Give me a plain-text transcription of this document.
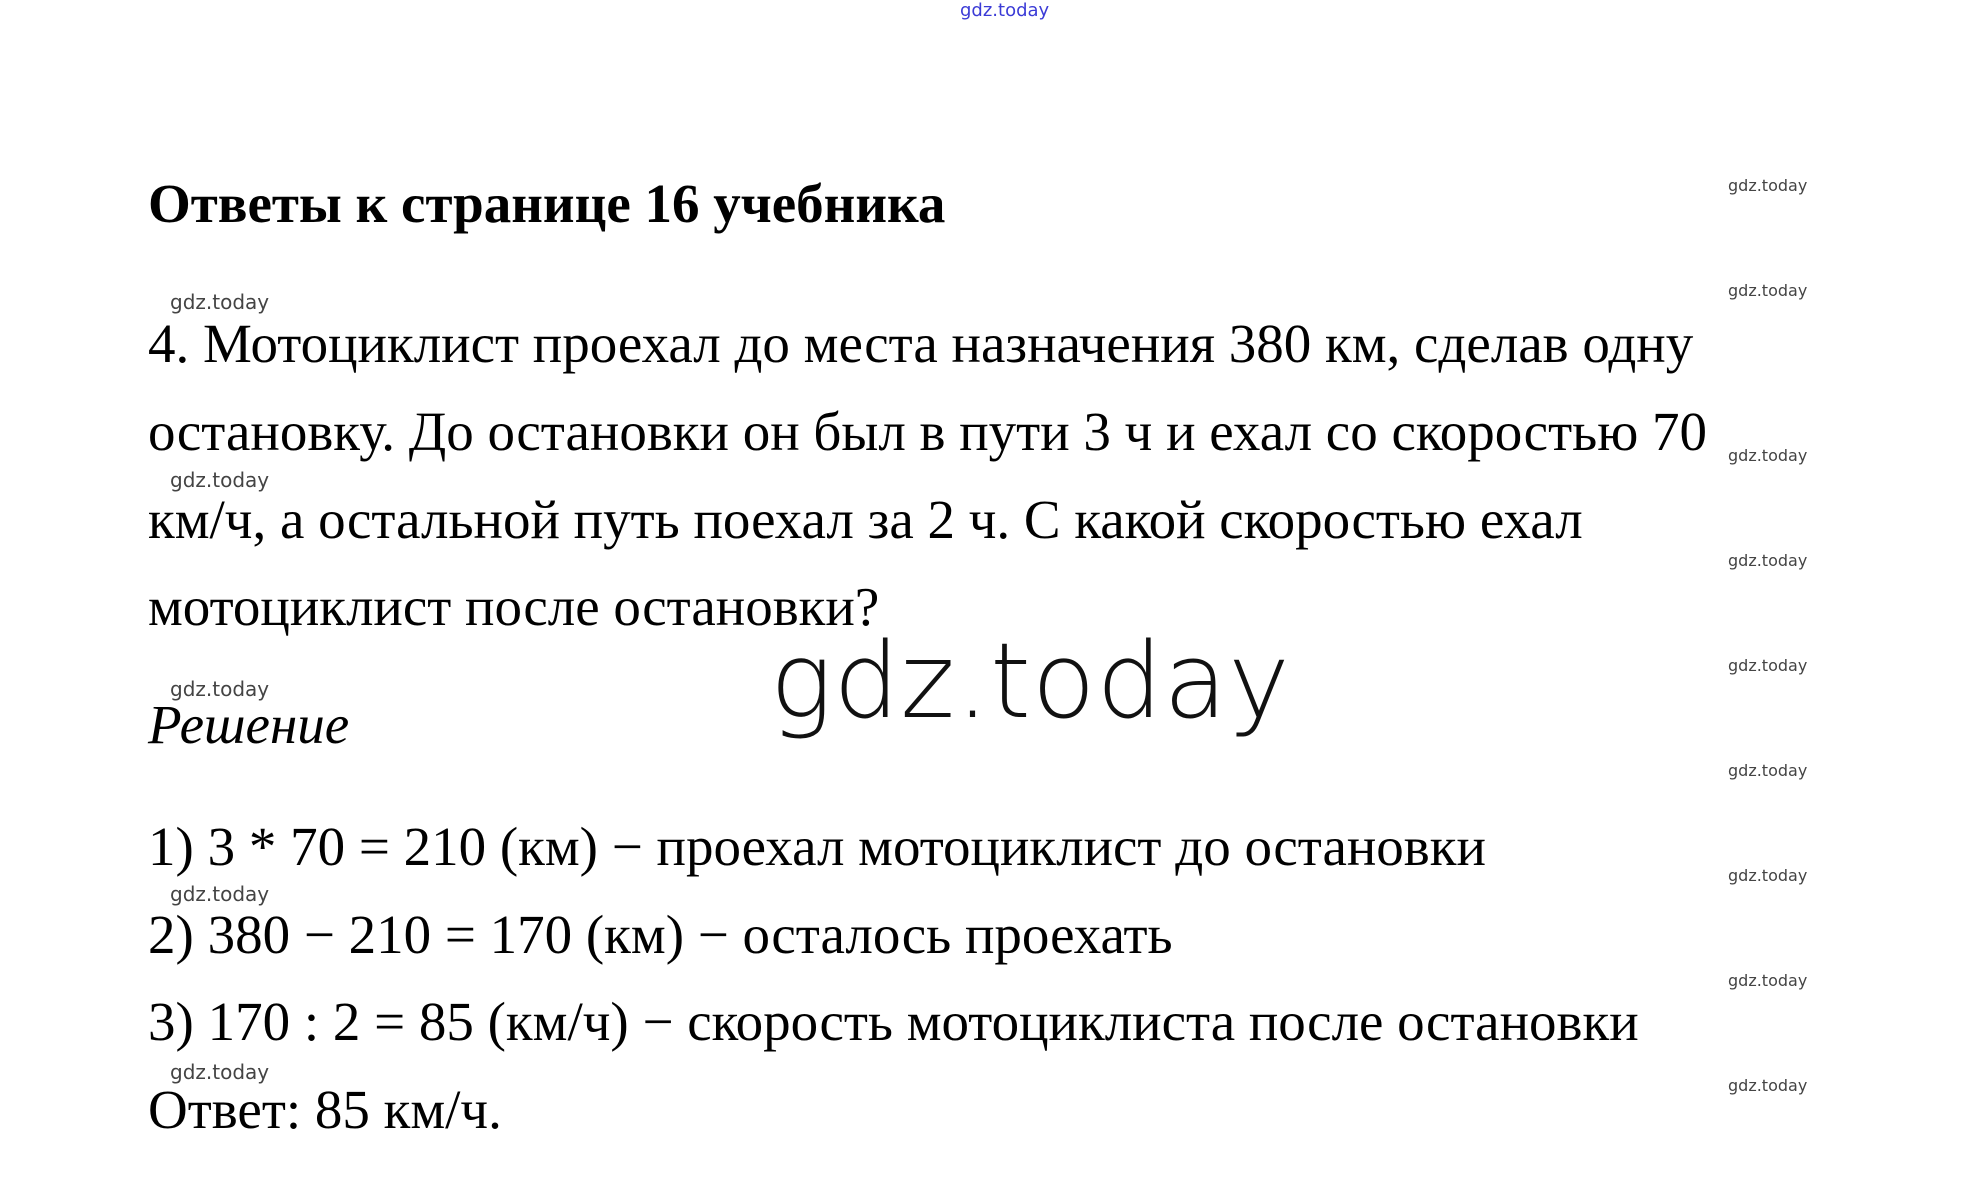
gdz.today
gdz.today
gdz.today
gdz.today
gdz.today
gdz.today
gdz.today
gdz.today
gdz.today
gdz.today
gdz.today
gdz.today
gdz.today
gdz.today
gdz.today
Ответы к странице 16 учебника
4. Мотоциклист проехал до места назначения 380 км, сделав одну
остановку. До остановки он был в пути 3 ч и ехал со скоростью 70
км/ч, а остальной путь поехал за 2 ч. С какой скоростью ехал
мотоциклист после остановки?
gdz.today
Решение
1) 3 * 70 = 210 (км) − проехал мотоциклист до остановки
2) 380 − 210 = 170 (км) − осталось проехать
3) 170 : 2 = 85 (км/ч) − скорость мотоциклиста после остановки
Ответ: 85 км/ч.
